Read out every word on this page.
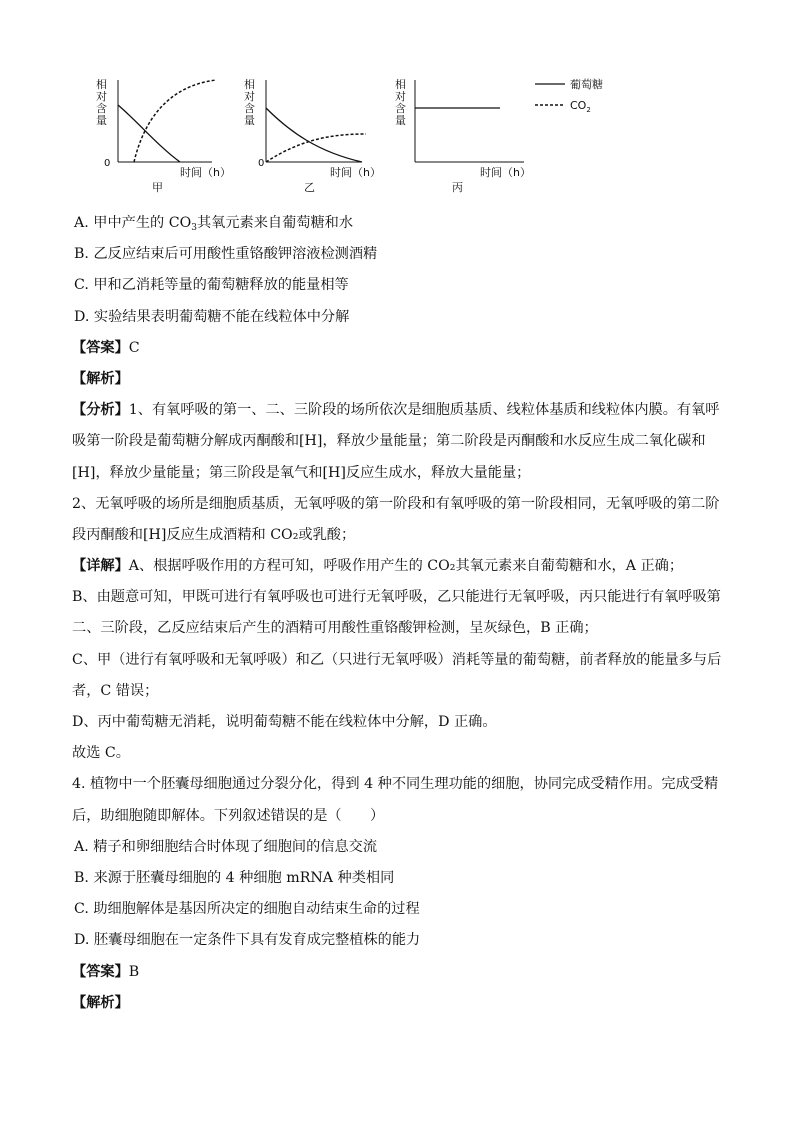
相
对
含
量
0
时间（h）
甲
相
对
含
量
0
时间（h）
乙
相
对
含
量
时间（h）
丙
葡萄糖
$CO_2$
A. 甲中产生的 $CO_3$其氧元素来自葡萄糖和水
B. 乙反应结束后可用酸性重铬酸钾溶液检测酒精
C. 甲和乙消耗等量的葡萄糖释放的能量相等
D. 实验结果表明葡萄糖不能在线粒体中分解
【答案】C
【解析】
【分析】1、有氧呼吸的第一、二、三阶段的场所依次是细胞质基质、线粒体基质和线粒体内膜。有氧呼
吸第一阶段是葡萄糖分解成丙酮酸和[H]，释放少量能量；第二阶段是丙酮酸和水反应生成二氧化碳和
[H]，释放少量能量；第三阶段是氧气和[H]反应生成水，释放大量能量；
2、无氧呼吸的场所是细胞质基质，无氧呼吸的第一阶段和有氧呼吸的第一阶段相同，无氧呼吸的第二阶
段丙酮酸和[H]反应生成酒精和 CO₂或乳酸；
【详解】A、根据呼吸作用的方程可知，呼吸作用产生的 CO₂其氧元素来自葡萄糖和水，A 正确；
B、由题意可知，甲既可进行有氧呼吸也可进行无氧呼吸，乙只能进行无氧呼吸，丙只能进行有氧呼吸第
二、三阶段，乙反应结束后产生的酒精可用酸性重铬酸钾检测，呈灰绿色，B 正确；
C、甲（进行有氧呼吸和无氧呼吸）和乙（只进行无氧呼吸）消耗等量的葡萄糖，前者释放的能量多与后
者，C 错误；
D、丙中葡萄糖无消耗，说明葡萄糖不能在线粒体中分解，D 正确。
故选 C。
4. 植物中一个胚囊母细胞通过分裂分化，得到 4 种不同生理功能的细胞，协同完成受精作用。完成受精
后，助细胞随即解体。下列叙述错误的是（　　）
A. 精子和卵细胞结合时体现了细胞间的信息交流
B. 来源于胚囊母细胞的 4 种细胞 mRNA 种类相同
C. 助细胞解体是基因所决定的细胞自动结束生命的过程
D. 胚囊母细胞在一定条件下具有发育成完整植株的能力
【答案】B
【解析】
